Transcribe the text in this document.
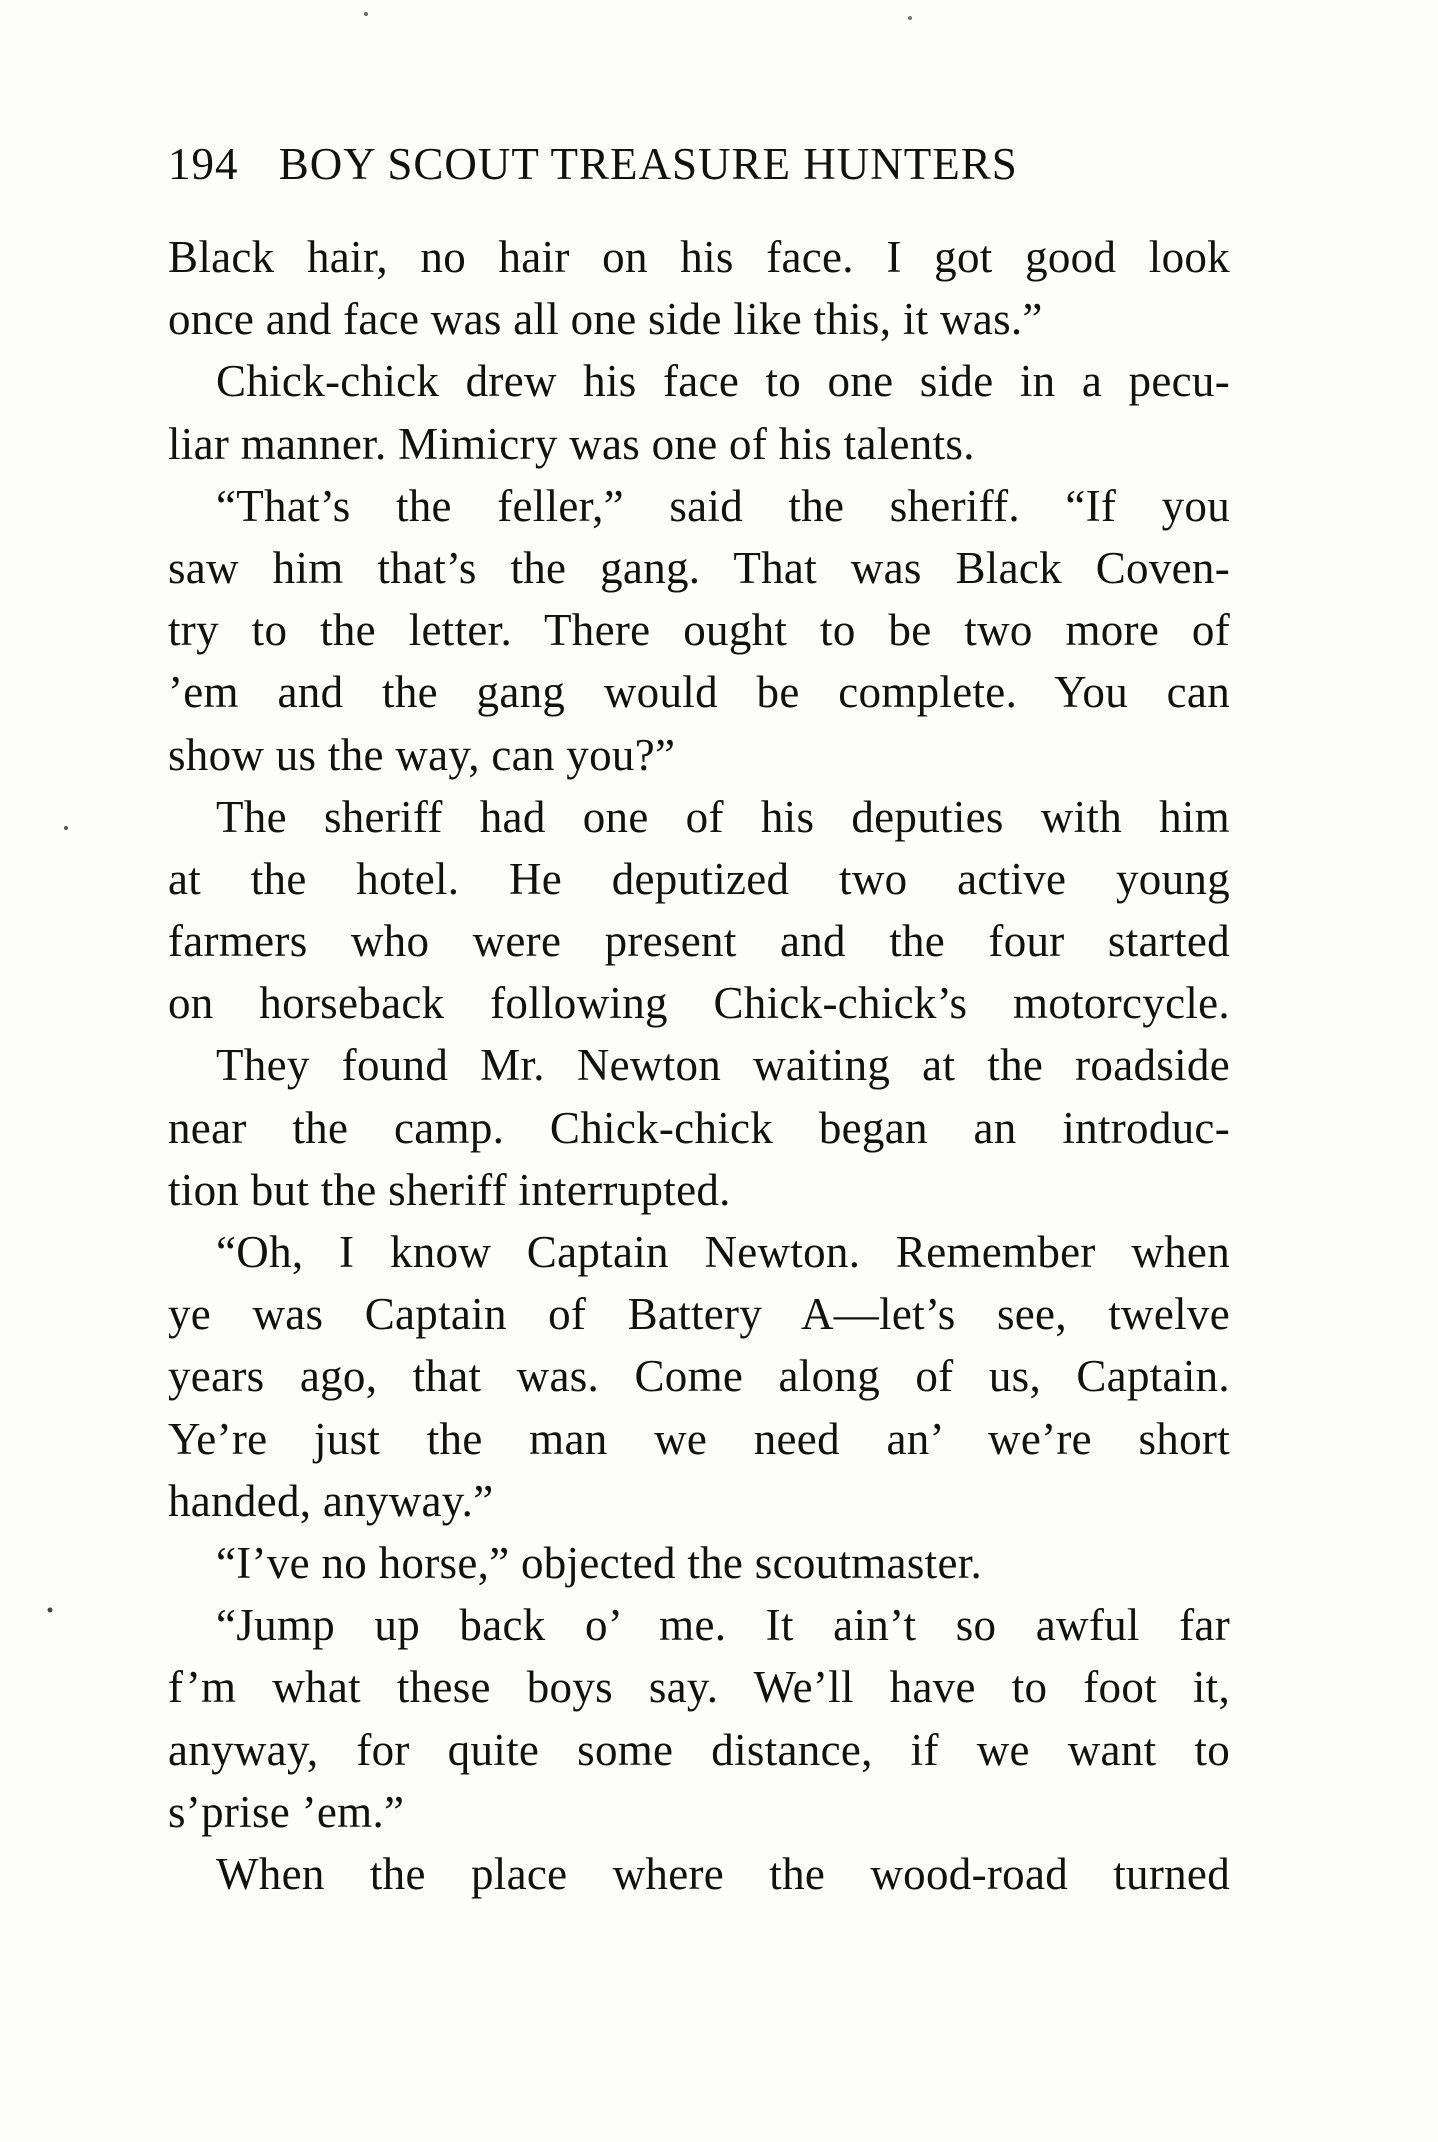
194 BOY SCOUT TREASURE HUNTERS
Black hair, no hair on his face. I got good look
once and face was all one side like this, it was.”
Chick-chick drew his face to one side in a pecu-
liar manner. Mimicry was one of his talents.
“That’s the feller,” said the sheriff. “If you
saw him that’s the gang. That was Black Coven-
try to the letter. There ought to be two more of
’em and the gang would be complete. You can
show us the way, can you?”
The sheriff had one of his deputies with him
at the hotel. He deputized two active young
farmers who were present and the four started
on horseback following Chick-chick’s motorcycle.
They found Mr. Newton waiting at the roadside
near the camp. Chick-chick began an introduc-
tion but the sheriff interrupted.
“Oh, I know Captain Newton. Remember when
ye was Captain of Battery A—let’s see, twelve
years ago, that was. Come along of us, Captain.
Ye’re just the man we need an’ we’re short
handed, anyway.”
“I’ve no horse,” objected the scoutmaster.
“Jump up back o’ me. It ain’t so awful far
f’m what these boys say. We’ll have to foot it,
anyway, for quite some distance, if we want to
s’prise ’em.”
When the place where the wood-road turned
